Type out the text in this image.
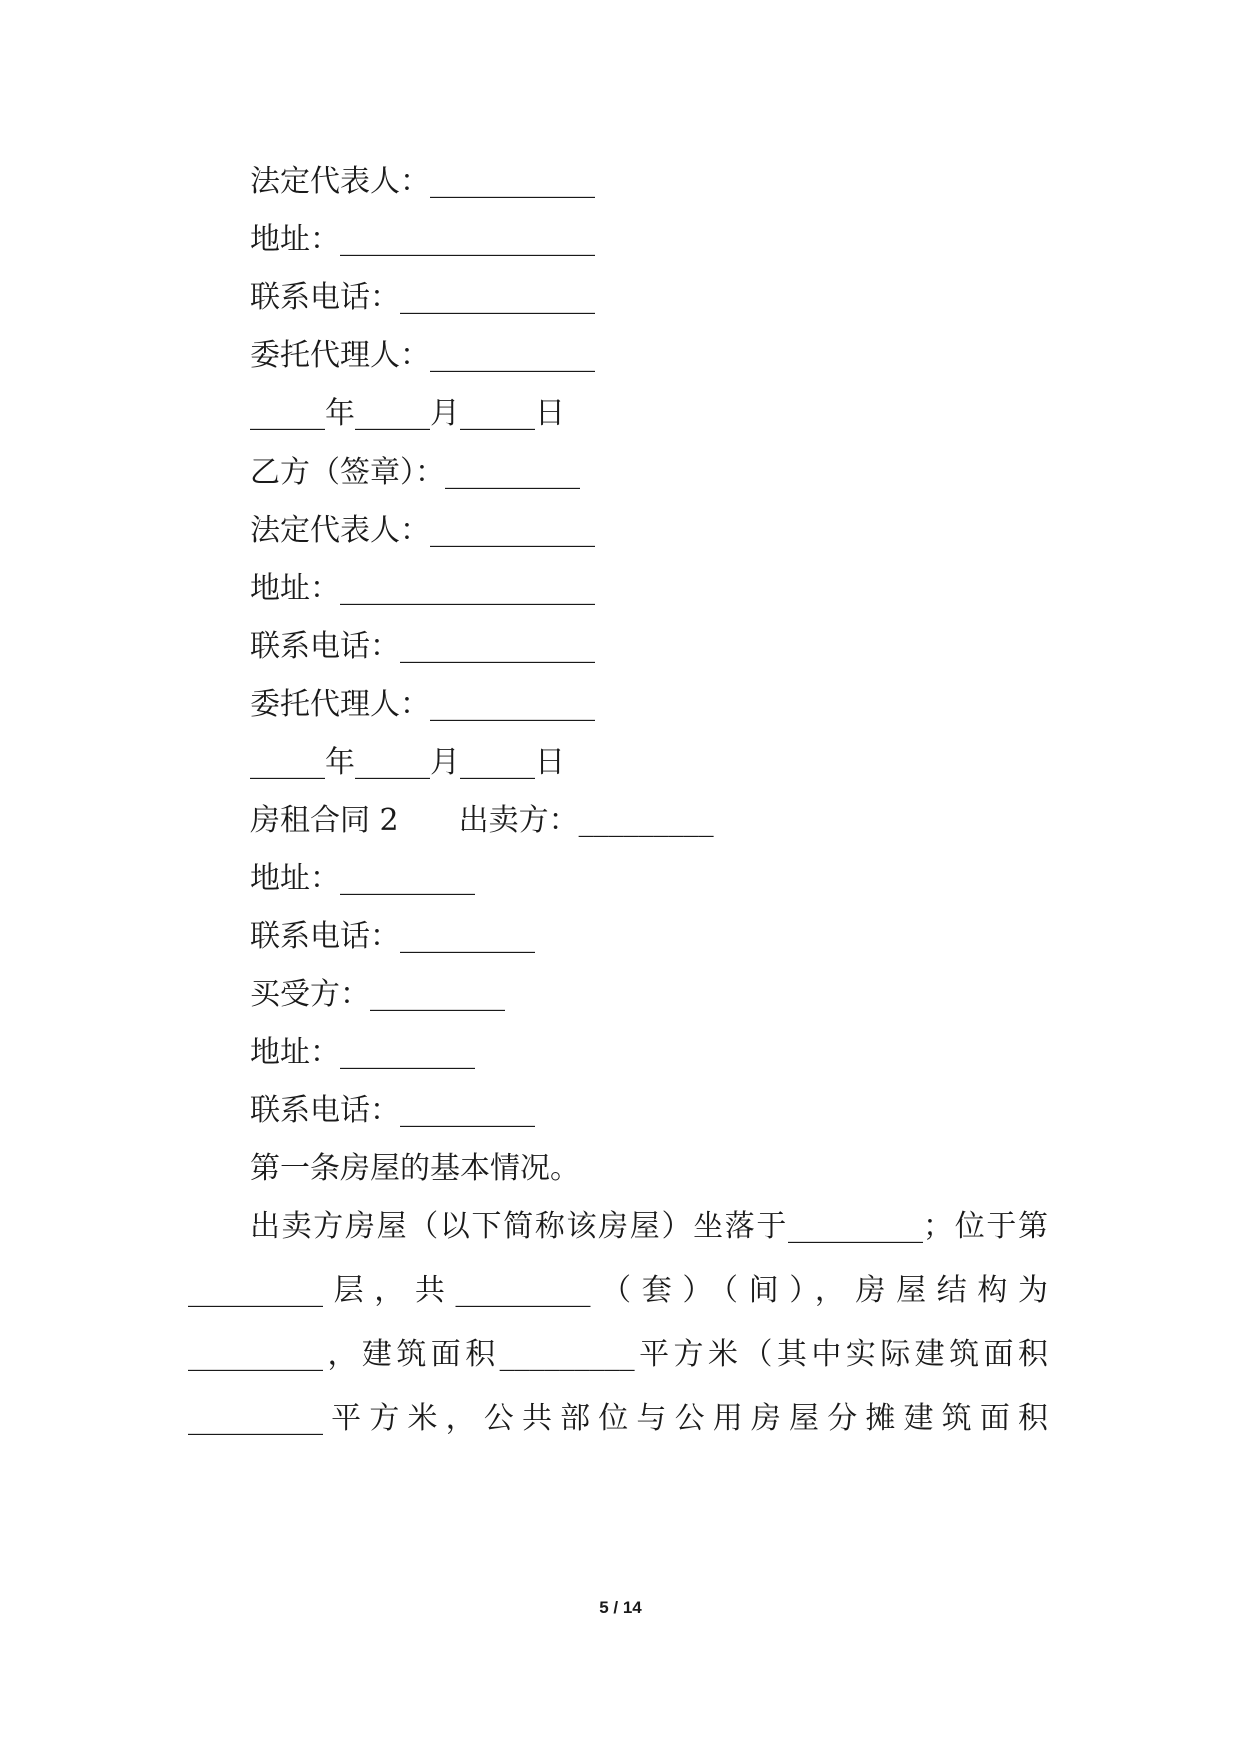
法定代表人：___________

地址：_________________

联系电话：_____________

委托代理人：___________

_____年_____月_____日

乙方（签章）：_________

法定代表人：___________

地址：_________________

联系电话：_____________

委托代理人：___________

_____年_____月_____日

房租合同 2　　出卖方：_________

地址：_________

联系电话：_________

买受方：_________

地址：_________

联系电话：_________

第一条房屋的基本情况。

出卖方房屋（以下简称该房屋）坐落于_________；位于第
_________层，共_________（套）（间），房屋结构为
_________，建筑面积_________平方米（其中实际建筑面积
_________平方米，公共部位与公用房屋分摊建筑面积
5 / 14
